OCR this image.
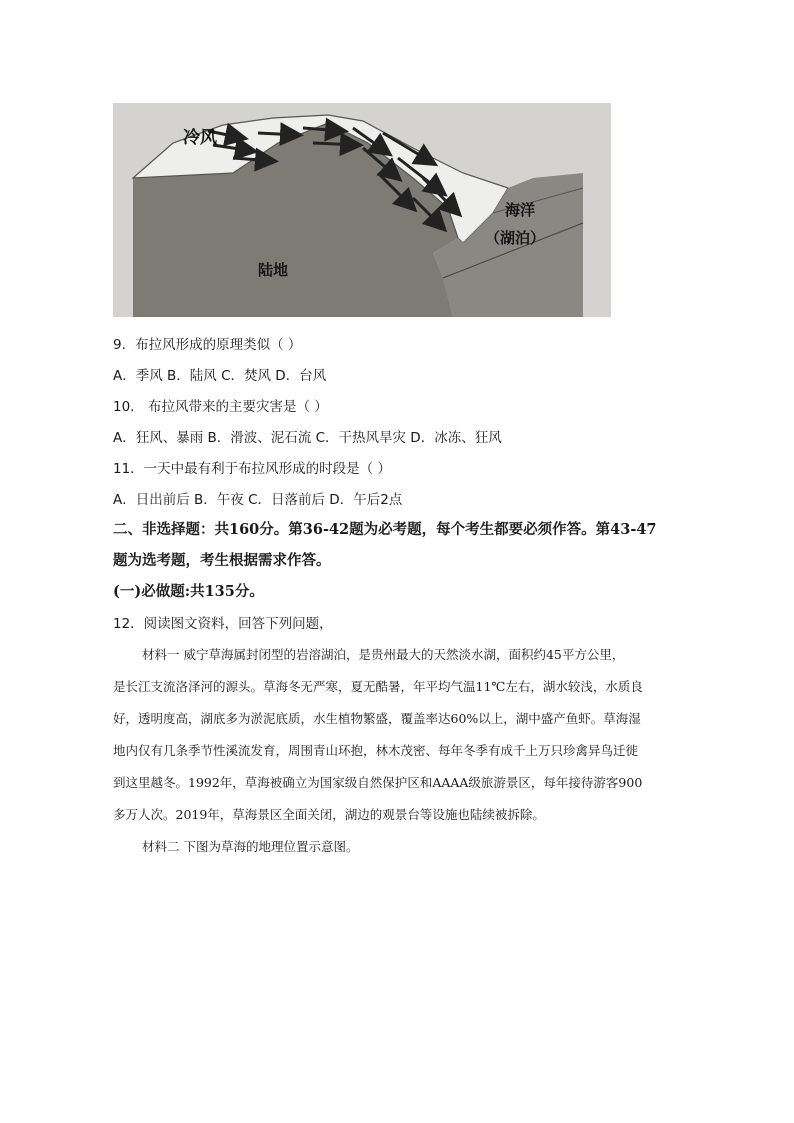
冷风
陆地
海洋
（湖泊）
9．布拉风形成的原理类似（ ）
A．季风 B．陆风 C．焚风 D．台风
10． 布拉风带来的主要灾害是（ ）
A．狂风、暴雨 B．滑波、泥石流 C．干热风旱灾 D．冰冻、狂风
11．一天中最有利于布拉风形成的时段是（ ）
A．日出前后 B．午夜 C．日落前后 D．午后2点
二、非选择题：共160分。第36-42题为必考题，每个考生都要必须作答。第43-47
题为选考题，考生根据需求作答。
(一)必做题:共135分。
12．阅读图文资料，回答下列问题，
材料一 威宁草海属封闭型的岩溶湖泊，是贵州最大的天然淡水湖，面积约45平方公里，
是长江支流洛泽河的源头。草海冬无严寒，夏无酷暑，年平均气温11℃左右，湖水较浅，水质良
好，透明度高，湖底多为淤泥底质，水生植物繁盛，覆盖率达60%以上，湖中盛产鱼虾。草海湿
地内仅有几条季节性溪流发育，周围青山环抱，林木茂密、每年冬季有成千上万只珍禽异鸟迁徙
到这里越冬。1992年，草海被确立为国家级自然保护区和AAAA级旅游景区，每年接待游客900
多万人次。2019年，草海景区全面关闭，湖边的观景台等设施也陆续被拆除。
材料二 下图为草海的地理位置示意图。
